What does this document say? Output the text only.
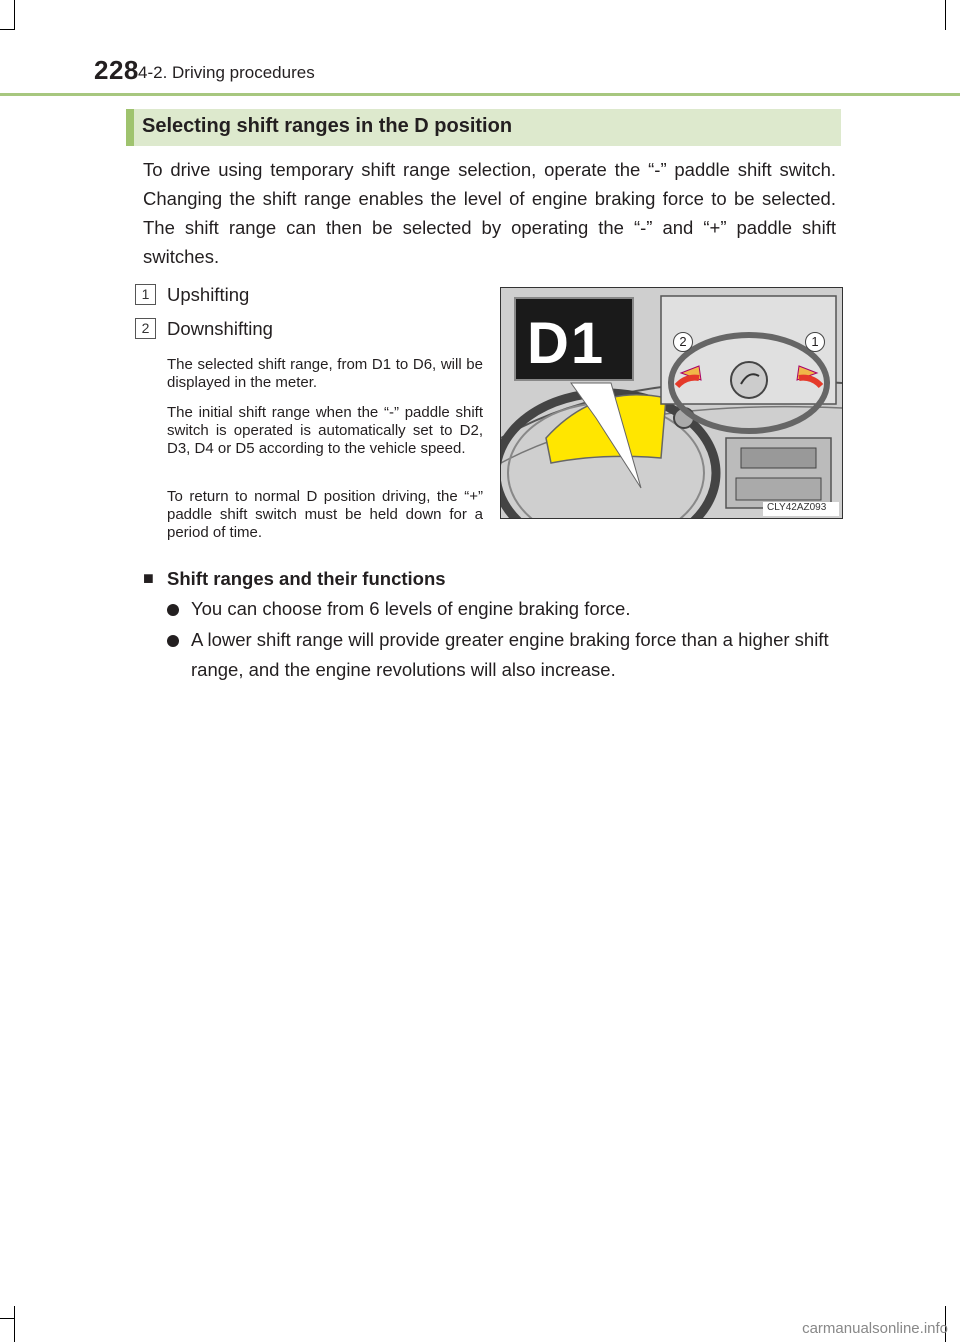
228 4-2. Driving procedures
Selecting shift ranges in the D position
To drive using temporary shift range selection, operate the “-” paddle shift switch. Changing the shift range enables the level of engine braking force to be selected. The shift range can then be selected by operating the “-” and “+” paddle shift switches.
1 Upshifting
2 Downshifting
The selected shift range, from D1 to D6, will be displayed in the meter.
The initial shift range when the “-” paddle shift switch is operated is automatically set to D2, D3, D4 or D5 according to the vehicle speed.
To return to normal D position driving, the “+” paddle shift switch must be held down for a period of time.
D1	2	1
CLY42AZ093
■ Shift ranges and their functions
You can choose from 6 levels of engine braking force.
A lower shift range will provide greater engine braking force than a higher shift range, and the engine revolutions will also increase.
carmanualsonline.info
